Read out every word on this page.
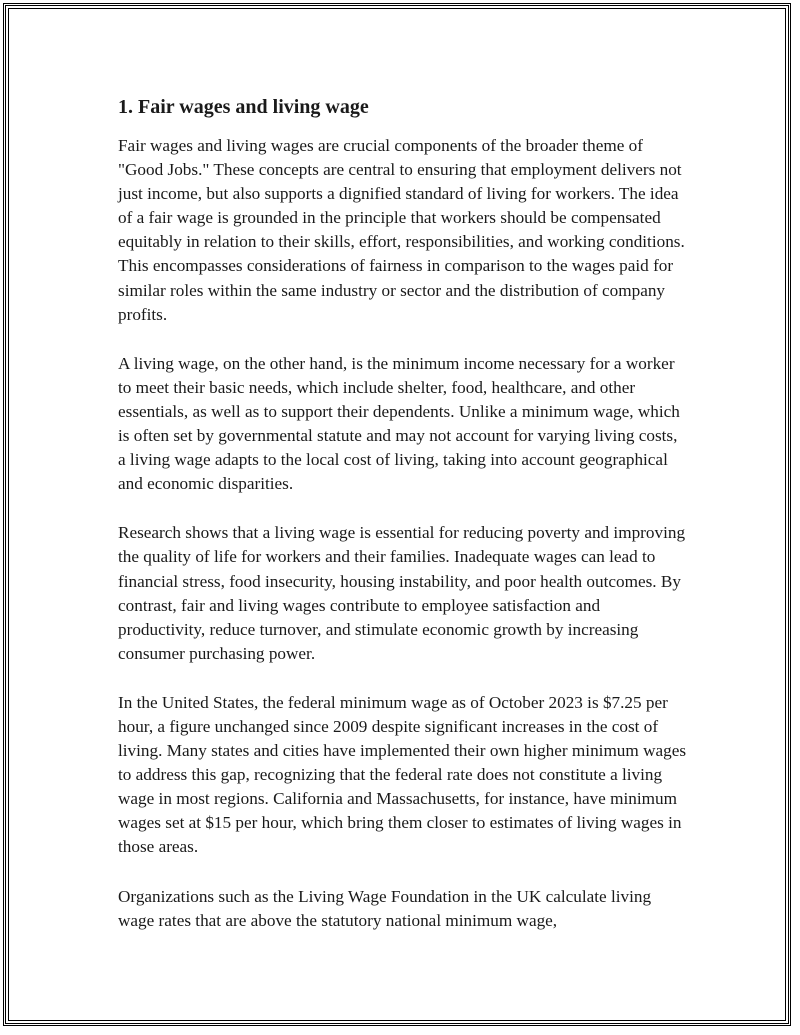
1. Fair wages and living wage

Fair wages and living wages are crucial components of the broader theme of "Good Jobs." These concepts are central to ensuring that employment delivers not just income, but also supports a dignified standard of living for workers. The idea of a fair wage is grounded in the principle that workers should be compensated equitably in relation to their skills, effort, responsibilities, and working conditions. This encompasses considerations of fairness in comparison to the wages paid for similar roles within the same industry or sector and the distribution of company profits.

A living wage, on the other hand, is the minimum income necessary for a worker to meet their basic needs, which include shelter, food, healthcare, and other essentials, as well as to support their dependents. Unlike a minimum wage, which is often set by governmental statute and may not account for varying living costs, a living wage adapts to the local cost of living, taking into account geographical and economic disparities.

Research shows that a living wage is essential for reducing poverty and improving the quality of life for workers and their families. Inadequate wages can lead to financial stress, food insecurity, housing instability, and poor health outcomes. By contrast, fair and living wages contribute to employee satisfaction and productivity, reduce turnover, and stimulate economic growth by increasing consumer purchasing power.

In the United States, the federal minimum wage as of October 2023 is $7.25 per hour, a figure unchanged since 2009 despite significant increases in the cost of living. Many states and cities have implemented their own higher minimum wages to address this gap, recognizing that the federal rate does not constitute a living wage in most regions. California and Massachusetts, for instance, have minimum wages set at $15 per hour, which bring them closer to estimates of living wages in those areas.

Organizations such as the Living Wage Foundation in the UK calculate living wage rates that are above the statutory national minimum wage,
